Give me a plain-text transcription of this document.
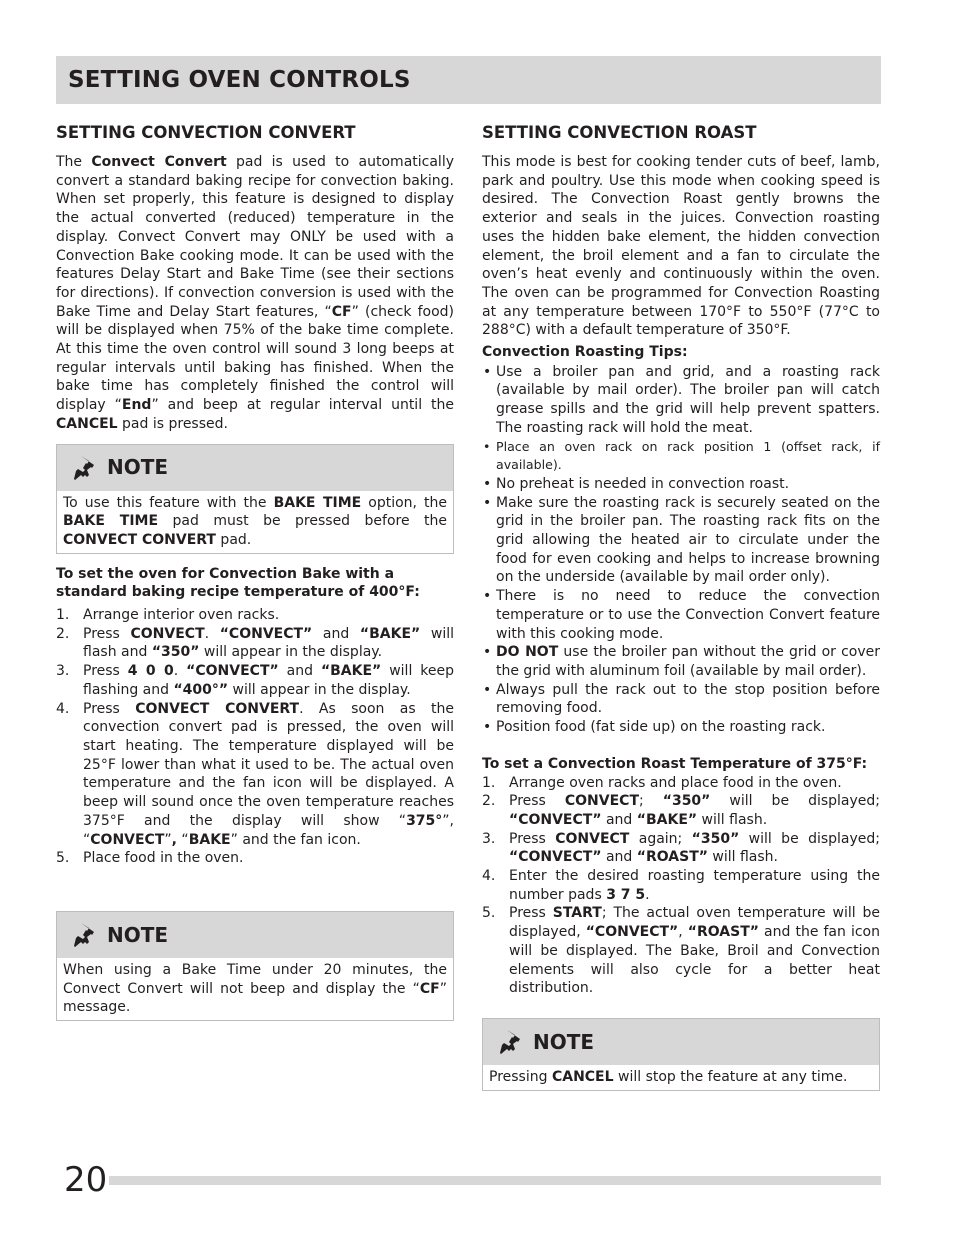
SETTING OVEN CONTROLS
SETTING CONVECTION CONVERT

The Convect Convert pad is used to automatically convert a standard baking recipe for convection baking. When set properly, this feature is designed to display the actual converted (reduced) temperature in the display. Convect Convert may ONLY be used with a Convection Bake cooking mode. It can be used with the features Delay Start and Bake Time (see their sections for directions). If convection conversion is used with the Bake Time and Delay Start features, “CF” (check food) will be displayed when 75% of the bake time complete. At this time the oven control will sound 3 long beeps at regular intervals until baking has finished. When the bake time has completely finished the control will display “End” and beep at regular interval until the CANCEL pad is pressed.

NOTE
To use this feature with the BAKE TIME option, the BAKE TIME pad must be pressed before the CONVECT CONVERT pad.

To set the oven for Convection Bake with a standard baking recipe temperature of 400°F:

1. Arrange interior oven racks.
2. Press CONVECT. “CONVECT” and “BAKE” will flash and “350” will appear in the display.
3. Press 4 0 0. “CONVECT” and “BAKE” will keep flashing and “400°” will appear in the display.
4. Press CONVECT CONVERT. As soon as the convection convert pad is pressed, the oven will start heating. The temperature displayed will be 25°F lower than what it used to be. The actual oven temperature and the fan icon will be displayed. A beep will sound once the oven temperature reaches 375°F and the display will show “375°”, “CONVECT”, “BAKE” and the fan icon.
5. Place food in the oven.
NOTE
When using a Bake Time under 20 minutes, the Convect Convert will not beep and display the “CF” message.
SETTING CONVECTION ROAST

This mode is best for cooking tender cuts of beef, lamb, park and poultry. Use this mode when cooking speed is desired. The Convection Roast gently browns the exterior and seals in the juices. Convection roasting uses the hidden bake element, the hidden convection element, the broil element and a fan to circulate the oven’s heat evenly and continuously within the oven. The oven can be programmed for Convection Roasting at any temperature between 170°F to 550°F (77°C to 288°C) with a default temperature of 350°F.

Convection Roasting Tips:

• Use a broiler pan and grid, and a roasting rack (available by mail order). The broiler pan will catch grease spills and the grid will help prevent spatters. The roasting rack will hold the meat.
• Place an oven rack on rack position 1 (offset rack, if available).
• No preheat is needed in convection roast.
• Make sure the roasting rack is securely seated on the grid in the broiler pan. The roasting rack fits on the grid allowing the heated air to circulate under the food for even cooking and helps to increase browning on the underside (available by mail order only).
• There is no need to reduce the convection temperature or to use the Convection Convert feature with this cooking mode.
• DO NOT use the broiler pan without the grid or cover the grid with aluminum foil (available by mail order).
• Always pull the rack out to the stop position before removing food.
• Position food (fat side up) on the roasting rack.

To set a Convection Roast Temperature of 375°F:

1. Arrange oven racks and place food in the oven.
2. Press CONVECT; “350” will be displayed; “CONVECT” and “BAKE” will flash.
3. Press CONVECT again; “350” will be displayed; “CONVECT” and “ROAST” will flash.
4. Enter the desired roasting temperature using the number pads 3 7 5.
5. Press START; The actual oven temperature will be displayed, “CONVECT”, “ROAST” and the fan icon will be displayed. The Bake, Broil and Convection elements will also cycle for a better heat distribution.
NOTE
Pressing CANCEL will stop the feature at any time.
20
